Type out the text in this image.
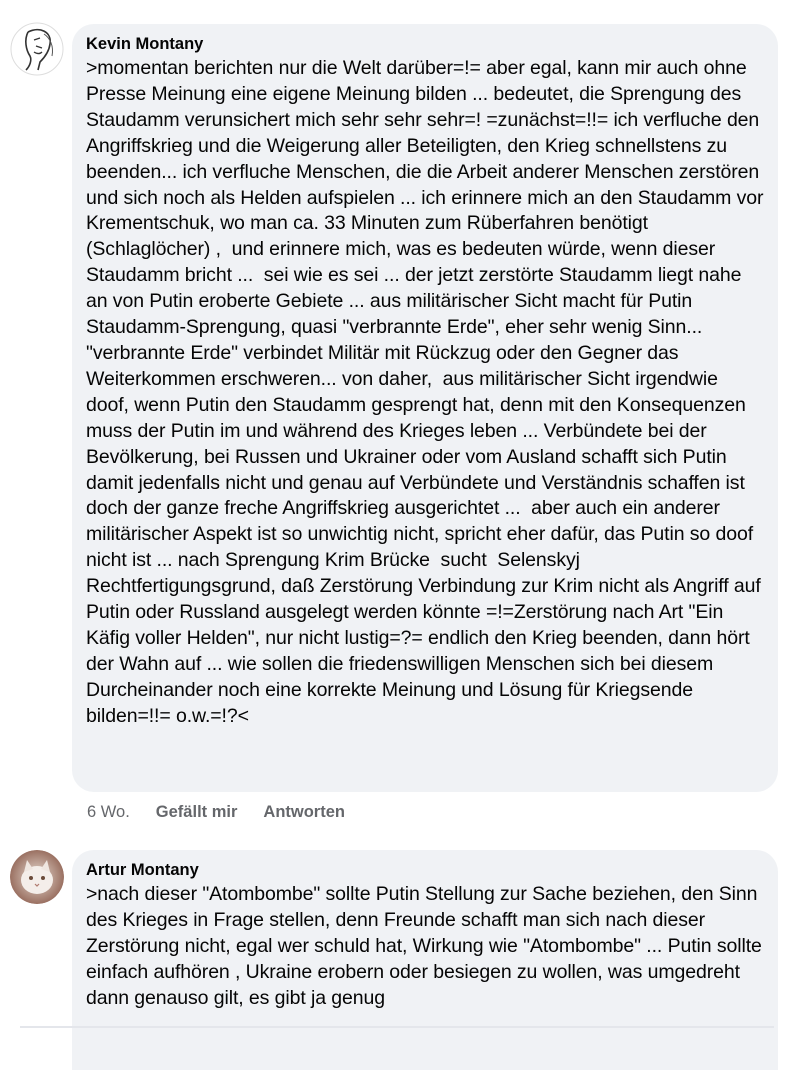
Kevin Montany
>momentan berichten nur die Welt darüber=!= aber egal, kann mir auch ohne Presse Meinung eine eigene Meinung bilden ... bedeutet, die Sprengung des Staudamm verunsichert mich sehr sehr sehr=! =zunächst=!!= ich verfluche den Angriffskrieg und die Weigerung aller Beteiligten, den Krieg schnellstens zu beenden... ich verfluche Menschen, die die Arbeit anderer Menschen zerstören und sich noch als Helden aufspielen ... ich erinnere mich an den Staudamm vor Krementschuk, wo man ca. 33 Minuten zum Rüberfahren benötigt (Schlaglöcher) ,  und erinnere mich, was es bedeuten würde, wenn dieser Staudamm bricht ...  sei wie es sei ... der jetzt zerstörte Staudamm liegt nahe an von Putin eroberte Gebiete ... aus militärischer Sicht macht für Putin Staudamm-Sprengung, quasi "verbrannte Erde", eher sehr wenig Sinn... "verbrannte Erde" verbindet Militär mit Rückzug oder den Gegner das Weiterkommen erschweren... von daher,  aus militärischer Sicht irgendwie doof, wenn Putin den Staudamm gesprengt hat, denn mit den Konsequenzen muss der Putin im und während des Krieges leben ... Verbündete bei der Bevölkerung, bei Russen und Ukrainer oder vom Ausland schafft sich Putin damit jedenfalls nicht und genau auf Verbündete und Verständnis schaffen ist doch der ganze freche Angriffskrieg ausgerichtet ...  aber auch ein anderer militärischer Aspekt ist so unwichtig nicht, spricht eher dafür, das Putin so doof nicht ist ... nach Sprengung Krim Brücke  sucht  Selenskyj Rechtfertigungsgrund, daß Zerstörung Verbindung zur Krim nicht als Angriff auf Putin oder Russland ausgelegt werden könnte =!=Zerstörung nach Art "Ein Käfig voller Helden", nur nicht lustig=?= endlich den Krieg beenden, dann hört der Wahn auf ... wie sollen die friedenswilligen Menschen sich bei diesem Durcheinander noch eine korrekte Meinung und Lösung für Kriegsende bilden=!!= o.w.=!?<
6 Wo. Gefällt mir Antworten
Artur Montany
>nach dieser "Atombombe" sollte Putin Stellung zur Sache beziehen, den Sinn des Krieges in Frage stellen, denn Freunde schafft man sich nach dieser Zerstörung nicht, egal wer schuld hat, Wirkung wie "Atombombe" ... Putin sollte einfach aufhören , Ukraine erobern oder besiegen zu wollen, was umgedreht dann genauso gilt, es gibt ja genug
